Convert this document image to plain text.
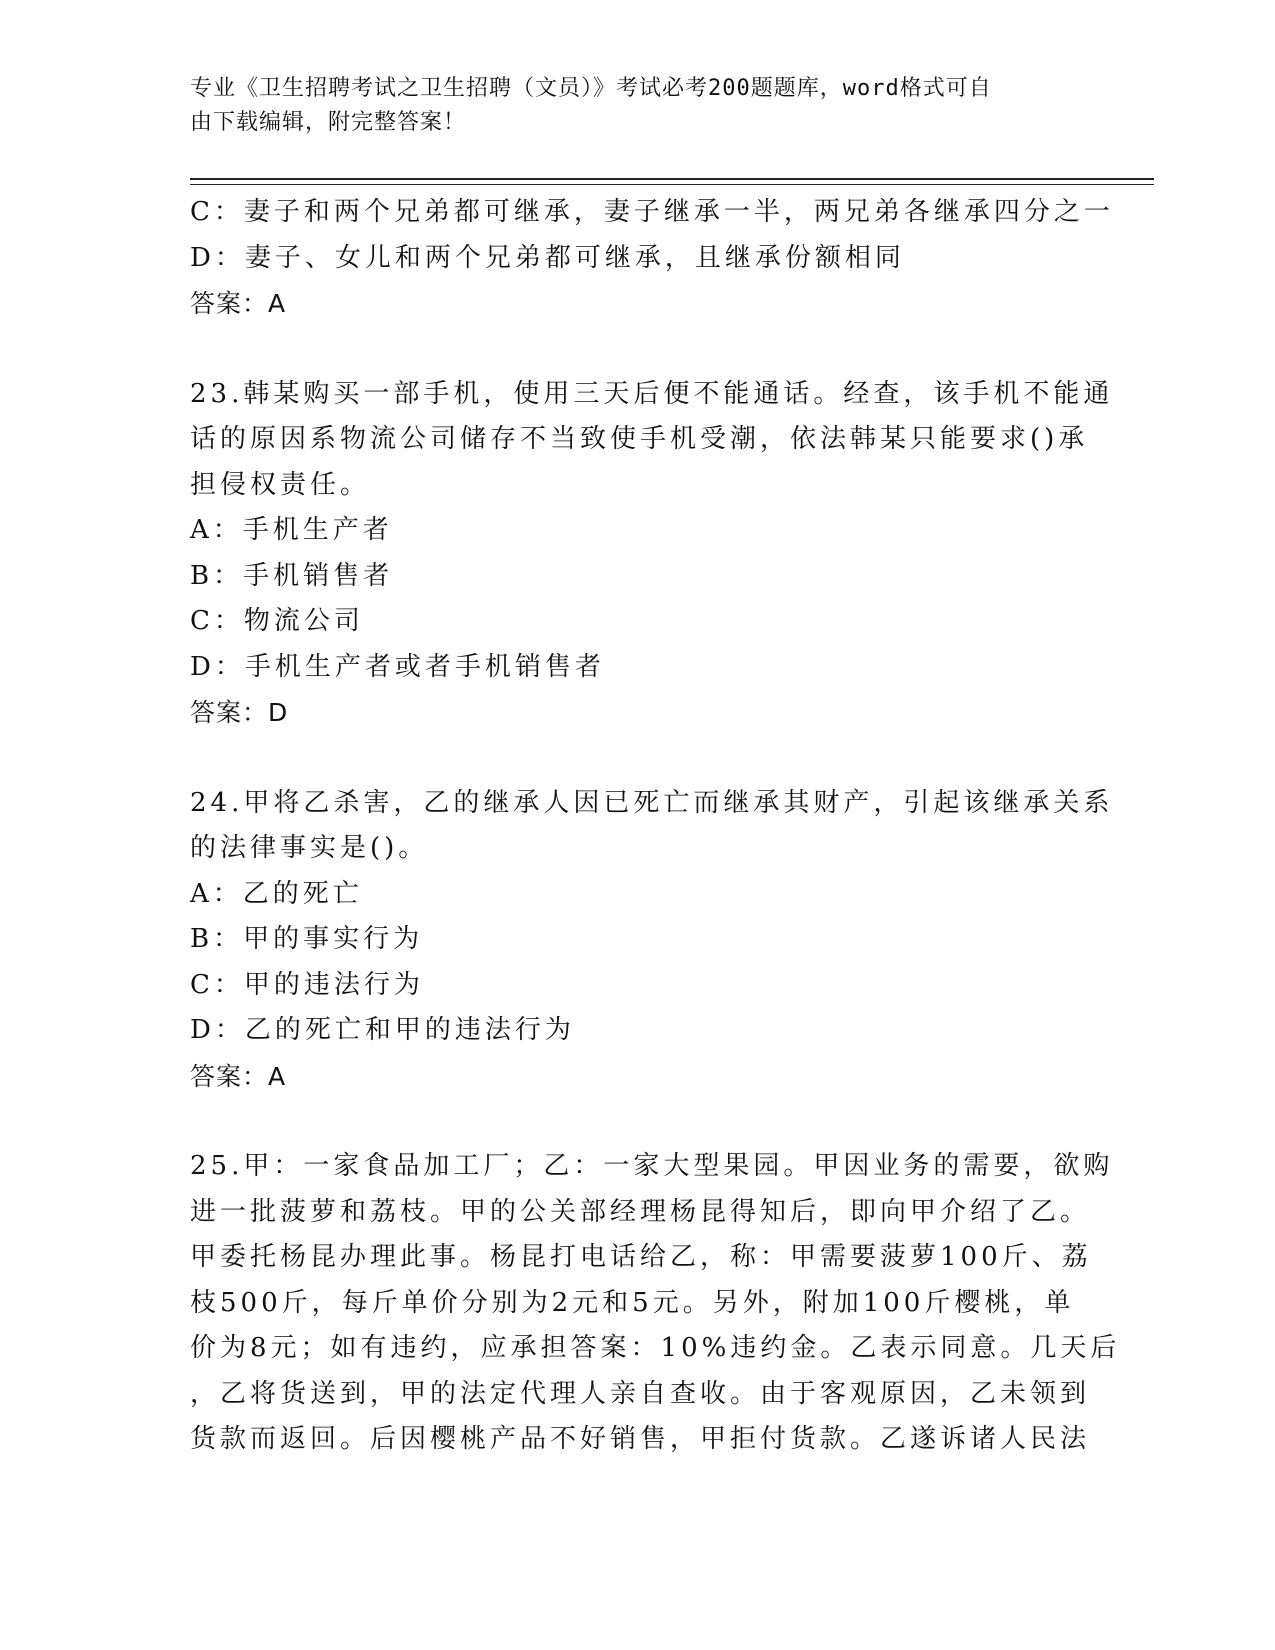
专业《卫生招聘考试之卫生招聘（文员）》考试必考200题题库，word格式可自
由下载编辑，附完整答案！
C：妻子和两个兄弟都可继承，妻子继承一半，两兄弟各继承四分之一
D：妻子、女儿和两个兄弟都可继承，且继承份额相同
答案：A
23.韩某购买一部手机，使用三天后便不能通话。经查，该手机不能通
话的原因系物流公司储存不当致使手机受潮，依法韩某只能要求()承
担侵权责任。
A：手机生产者
B：手机销售者
C：物流公司
D：手机生产者或者手机销售者
答案：D
24.甲将乙杀害，乙的继承人因已死亡而继承其财产，引起该继承关系
的法律事实是()。
A：乙的死亡
B：甲的事实行为
C：甲的违法行为
D：乙的死亡和甲的违法行为
答案：A
25.甲：一家食品加工厂；乙：一家大型果园。甲因业务的需要，欲购
进一批菠萝和荔枝。甲的公关部经理杨昆得知后，即向甲介绍了乙。
甲委托杨昆办理此事。杨昆打电话给乙，称：甲需要菠萝100斤、荔
枝500斤，每斤单价分别为2元和5元。另外，附加100斤樱桃，单
价为8元；如有违约，应承担答案：10%违约金。乙表示同意。几天后
，乙将货送到，甲的法定代理人亲自查收。由于客观原因，乙未领到
货款而返回。后因樱桃产品不好销售，甲拒付货款。乙遂诉诸人民法
